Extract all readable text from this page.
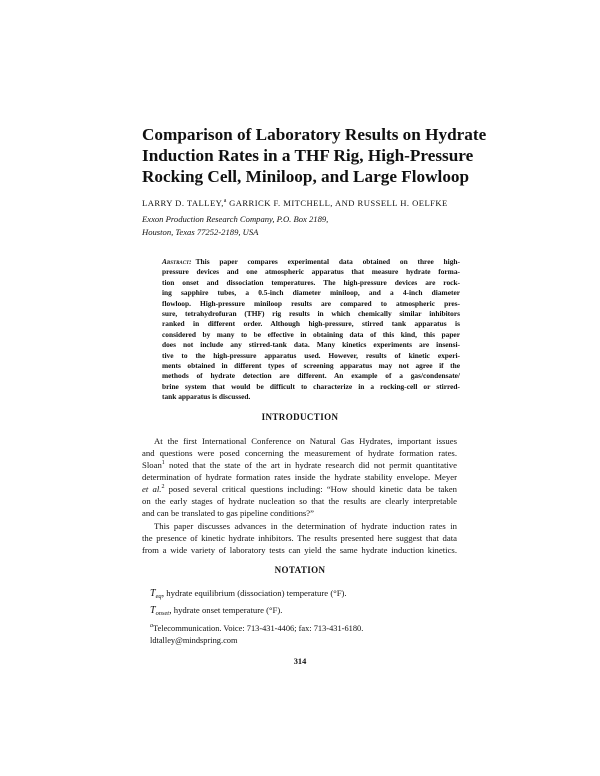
Comparison of Laboratory Results on Hydrate
Induction Rates in a THF Rig, High-Pressure
Rocking Cell, Miniloop, and Large Flowloop

LARRY D. TALLEY,$^a$ GARRICK F. MITCHELL, AND RUSSELL H. OELFKE

Exxon Production Research Company, P.O. Box 2189,
Houston, Texas 77252-2189, USA

Abstract: This paper compares experimental data obtained on three high-
pressure devices and one atmospheric apparatus that measure hydrate forma-
tion onset and dissociation temperatures. The high-pressure devices are rock-
ing sapphire tubes, a 0.5-inch diameter miniloop, and a 4-inch diameter
flowloop. High-pressure miniloop results are compared to atmospheric pres-
sure, tetrahydrofuran (THF) rig results in which chemically similar inhibitors
ranked in different order. Although high-pressure, stirred tank apparatus is
considered by many to be effective in obtaining data of this kind, this paper
does not include any stirred-tank data. Many kinetics experiments are insensi-
tive to the high-pressure apparatus used. However, results of kinetic experi-
ments obtained in different types of screening apparatus may not agree if the
methods of hydrate detection are different. An example of a gas/condensate/
brine system that would be difficult to characterize in a rocking-cell or stirred-
tank apparatus is discussed.
INTRODUCTION
At the first International Conference on Natural Gas Hydrates, important issues
and questions were posed concerning the measurement of hydrate formation rates.
Sloan$^1$ noted that the state of the art in hydrate research did not permit quantitative
determination of hydrate formation rates inside the hydrate stability envelope. Meyer
et al.$^2$ posed several critical questions including: “How should kinetic data be taken
on the early stages of hydrate nucleation so that the results are clearly interpretable
and can be translated to gas pipeline conditions?”
This paper discusses advances in the determination of hydrate induction rates in
the presence of kinetic hydrate inhibitors. The results presented here suggest that data
from a wide variety of laboratory tests can yield the same hydrate induction kinetics.
NOTATION
$T_{eq}$, hydrate equilibrium (dissociation) temperature (°F).
$T_{onset}$, hydrate onset temperature (°F).
$^a$Telecommunication. Voice: 713-431-4406; fax: 713-431-6180.
ldtalley@mindspring.com

314
